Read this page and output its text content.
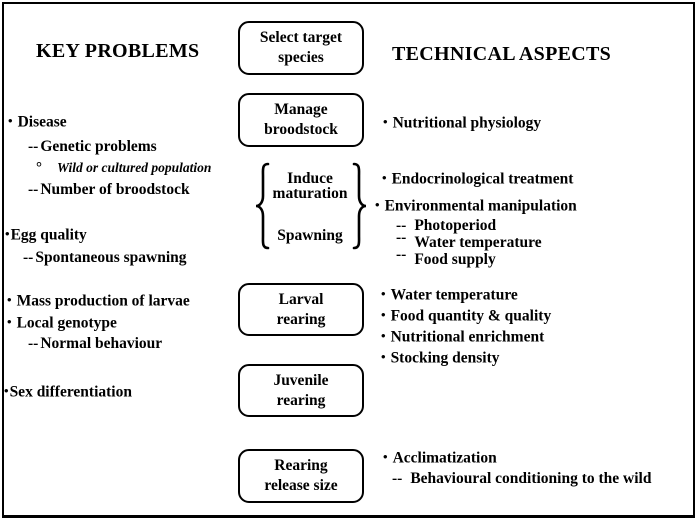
KEY PROBLEMS	TECHNICAL ASPECTS
• Disease
-- Genetic problems
° Wild or cultured population
-- Number of broodstock
•Egg quality
-- Spontaneous spawning
• Mass production of larvae
• Local genotype
-- Normal behaviour
•Sex differentiation
Select target
species
Manage
broodstock
Induce
maturation
Spawning
Larval
rearing
Juvenile
rearing
Rearing
release size
• Nutritional physiology
• Endocrinological treatment
• Environmental manipulation
-- Photoperiod
-- Water temperature
-- Food supply
• Water temperature
• Food quantity & quality
• Nutritional enrichment
• Stocking density
• Acclimatization
-- Behavioural conditioning to the wild
